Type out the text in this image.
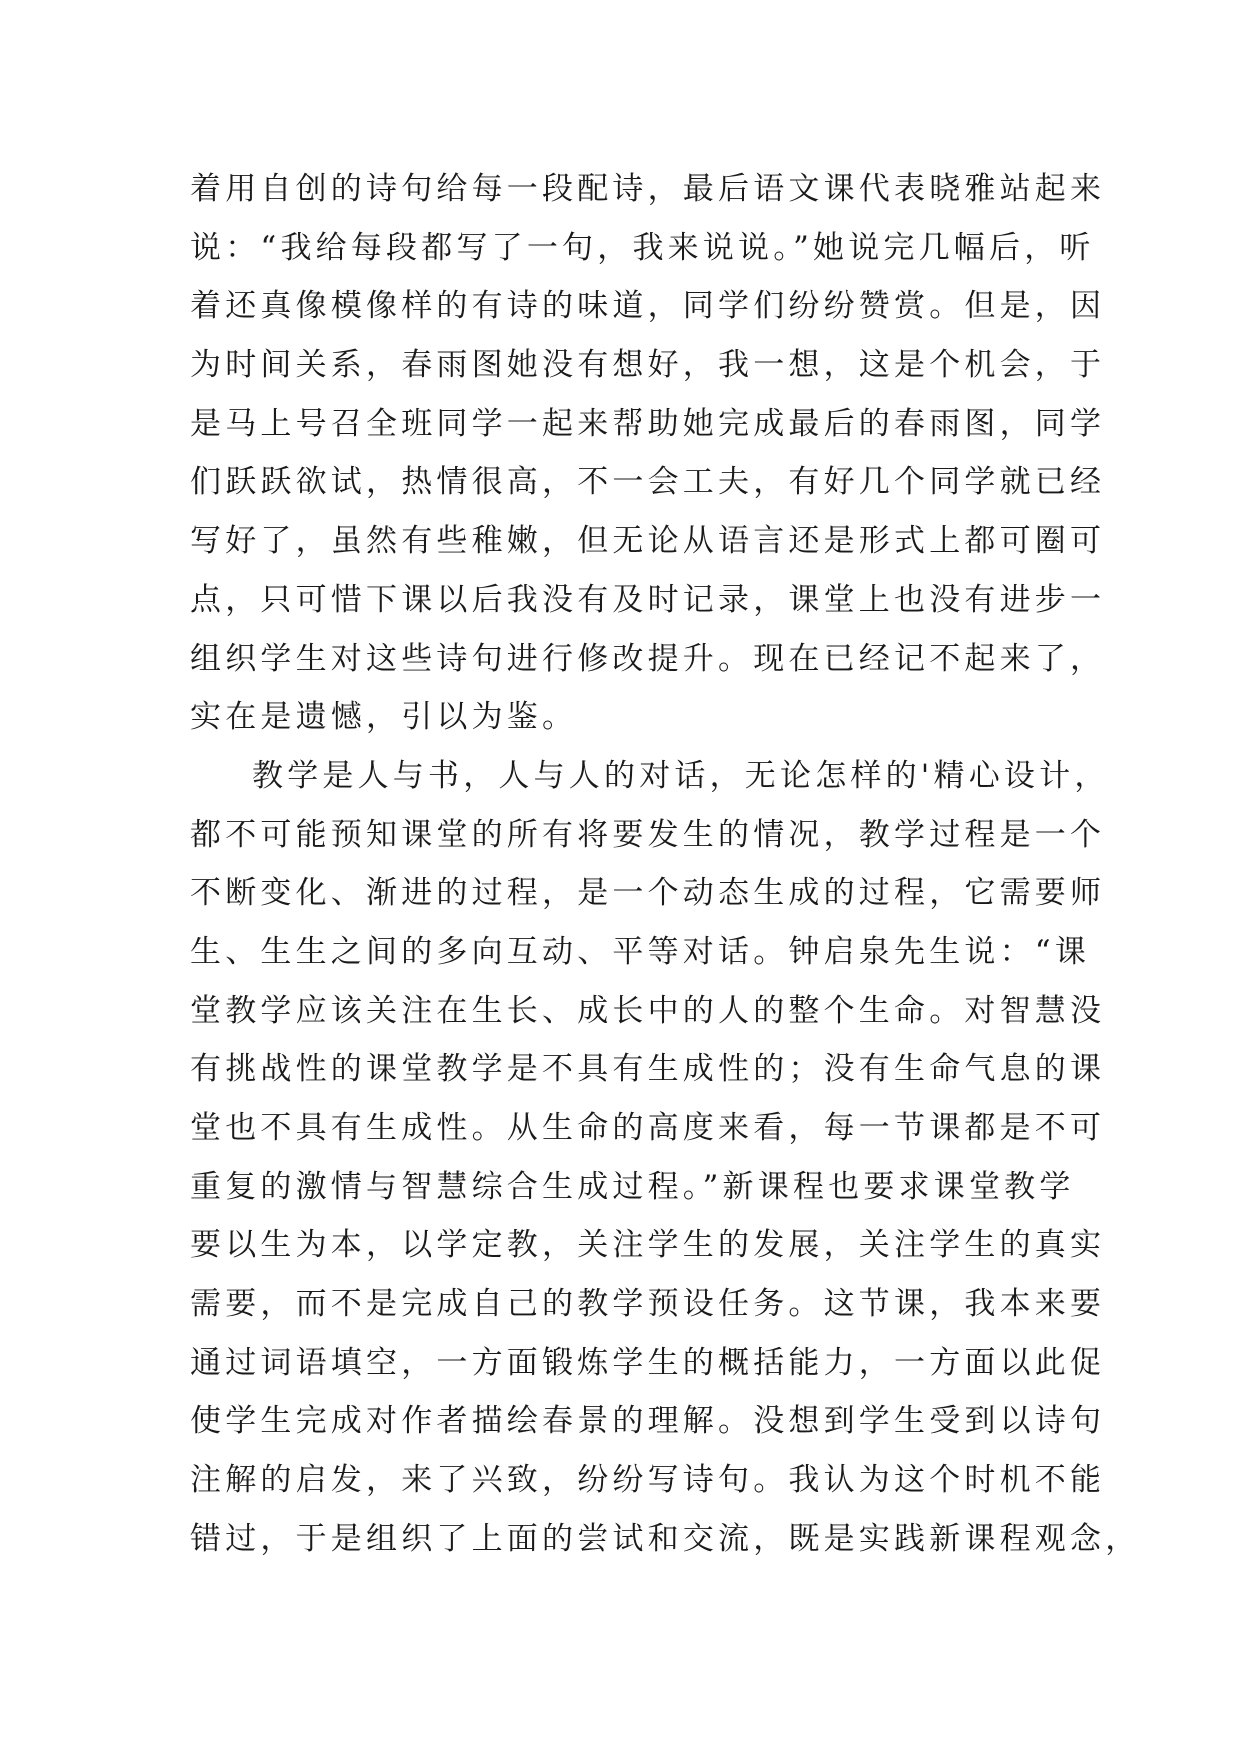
着用自创的诗句给每一段配诗，最后语文课代表晓雅站起来
说：“我给每段都写了一句，我来说说。”她说完几幅后，听
着还真像模像样的有诗的味道，同学们纷纷赞赏。但是，因
为时间关系，春雨图她没有想好，我一想，这是个机会，于
是马上号召全班同学一起来帮助她完成最后的春雨图，同学
们跃跃欲试，热情很高，不一会工夫，有好几个同学就已经
写好了，虽然有些稚嫩，但无论从语言还是形式上都可圈可
点，只可惜下课以后我没有及时记录，课堂上也没有进步一
组织学生对这些诗句进行修改提升。现在已经记不起来了，
实在是遗憾，引以为鉴。
教学是人与书，人与人的对话，无论怎样的'精心设计，
都不可能预知课堂的所有将要发生的情况，教学过程是一个
不断变化、渐进的过程，是一个动态生成的过程，它需要师
生、生生之间的多向互动、平等对话。钟启泉先生说：“课
堂教学应该关注在生长、成长中的人的整个生命。对智慧没
有挑战性的课堂教学是不具有生成性的；没有生命气息的课
堂也不具有生成性。从生命的高度来看，每一节课都是不可
重复的激情与智慧综合生成过程。”新课程也要求课堂教学
要以生为本，以学定教，关注学生的发展，关注学生的真实
需要，而不是完成自己的教学预设任务。这节课，我本来要
通过词语填空，一方面锻炼学生的概括能力，一方面以此促
使学生完成对作者描绘春景的理解。没想到学生受到以诗句
注解的启发，来了兴致，纷纷写诗句。我认为这个时机不能
错过，于是组织了上面的尝试和交流，既是实践新课程观念，
